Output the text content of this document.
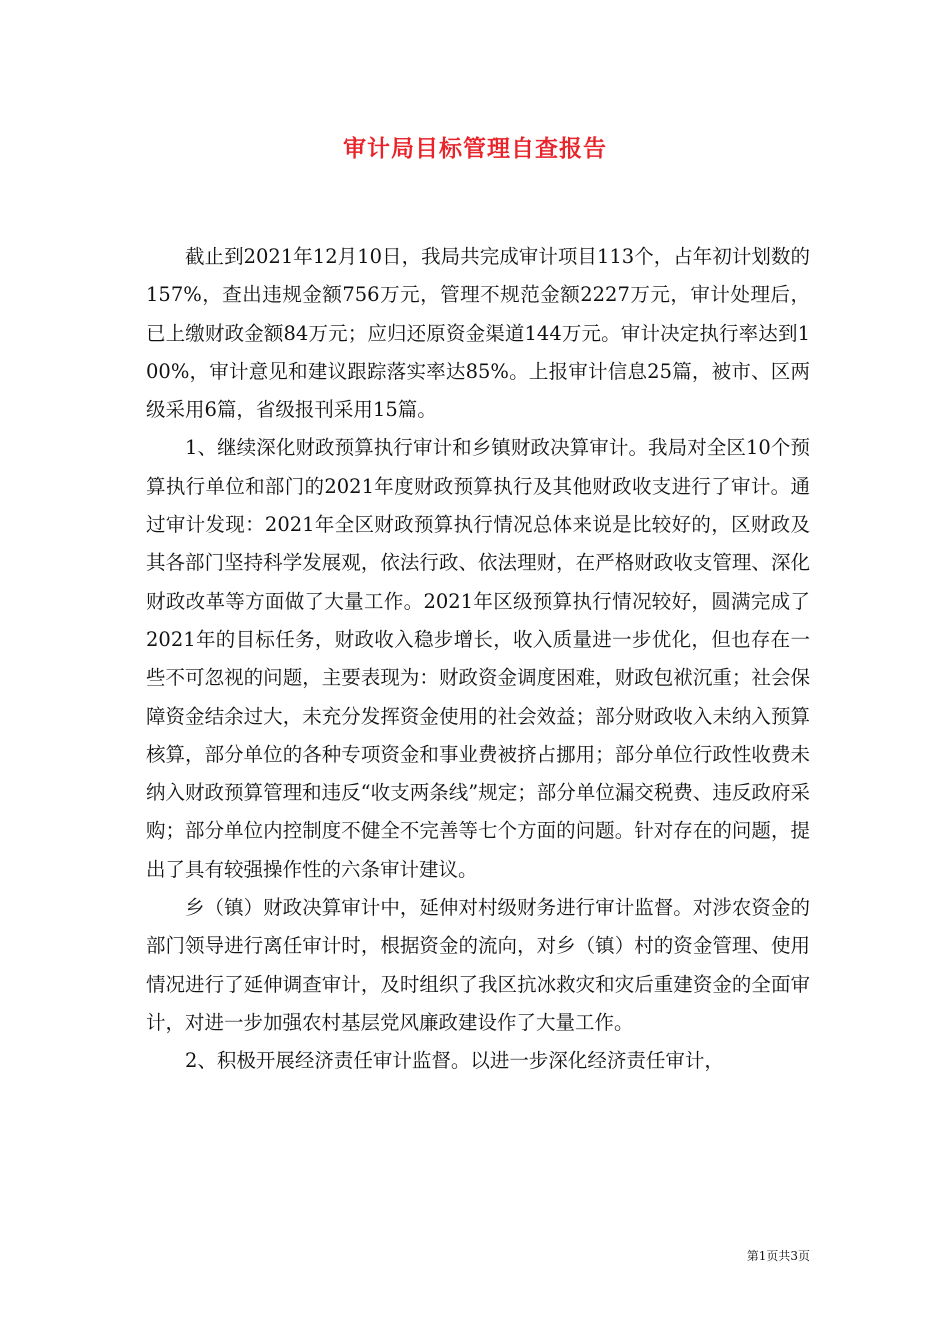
审计局目标管理自查报告

截止到2021年12月10日，我局共完成审计项目113个，占年初计划数的157%，查出违规金额756万元，管理不规范金额2227万元，审计处理后，已上缴财政金额84万元；应归还原资金渠道144万元。审计决定执行率达到100%，审计意见和建议跟踪落实率达85%。上报审计信息25篇，被市、区两级采用6篇，省级报刊采用15篇。

1、继续深化财政预算执行审计和乡镇财政决算审计。我局对全区10个预算执行单位和部门的2021年度财政预算执行及其他财政收支进行了审计。通过审计发现：2021年全区财政预算执行情况总体来说是比较好的，区财政及其各部门坚持科学发展观，依法行政、依法理财，在严格财政收支管理、深化财政改革等方面做了大量工作。2021年区级预算执行情况较好，圆满完成了2021年的目标任务，财政收入稳步增长，收入质量进一步优化，但也存在一些不可忽视的问题，主要表现为：财政资金调度困难，财政包袱沉重；社会保障资金结余过大，未充分发挥资金使用的社会效益；部分财政收入未纳入预算核算，部分单位的各种专项资金和事业费被挤占挪用；部分单位行政性收费未纳入财政预算管理和违反“收支两条线”规定；部分单位漏交税费、违反政府采购；部分单位内控制度不健全不完善等七个方面的问题。针对存在的问题，提出了具有较强操作性的六条审计建议。

乡（镇）财政决算审计中，延伸对村级财务进行审计监督。对涉农资金的部门领导进行离任审计时，根据资金的流向，对乡（镇）村的资金管理、使用情况进行了延伸调查审计，及时组织了我区抗冰救灾和灾后重建资金的全面审计，对进一步加强农村基层党风廉政建设作了大量工作。

2、积极开展经济责任审计监督。以进一步深化经济责任审计，

第1页共3页
